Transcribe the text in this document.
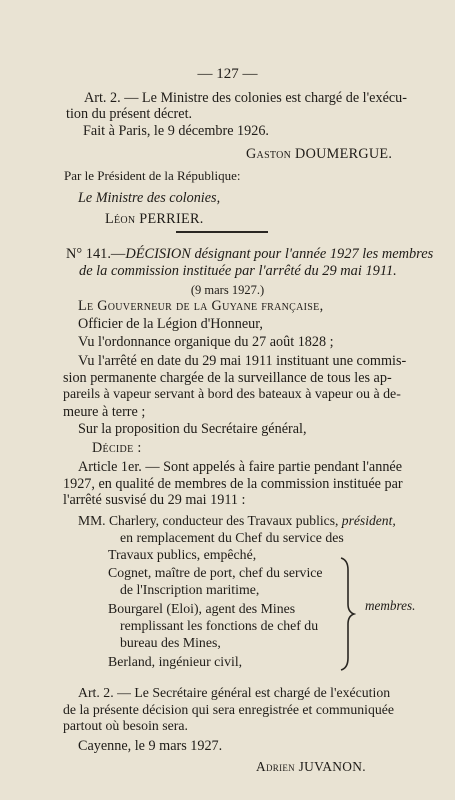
— 127 —
Art. 2. — Le Ministre des colonies est chargé de l'exécu-
tion du présent décret.
Fait à Paris, le 9 décembre 1926.
Gaston DOUMERGUE.
Par le Président de la République:
Le Ministre des colonies,
Léon PERRIER.
N° 141.—DÉCISION désignant pour l'année 1927 les membres
de la commission instituée par l'arrêté du 29 mai 1911.
(9 mars 1927.)
Le Gouverneur de la Guyane française,
Officier de la Légion d'Honneur,
Vu l'ordonnance organique du 27 août 1828 ;
Vu l'arrêté en date du 29 mai 1911 instituant une commis-
sion permanente chargée de la surveillance de tous les ap-
pareils à vapeur servant à bord des bateaux à vapeur ou à de-
meure à terre ;
Sur la proposition du Secrétaire général,
Décide :
Article 1er. — Sont appelés à faire partie pendant l'année
1927, en qualité de membres de la commission instituée par
l'arrêté susvisé du 29 mai 1911 :
MM. Charlery, conducteur des Travaux publics, président,
en remplacement du Chef du service des
Travaux publics, empêché,
Cognet, maître de port, chef du service
de l'Inscription maritime,
Bourgarel (Eloi), agent des Mines
remplissant les fonctions de chef du
bureau des Mines,
Berland, ingénieur civil,
membres.
Art. 2. — Le Secrétaire général est chargé de l'exécution
de la présente décision qui sera enregistrée et communiquée
partout où besoin sera.
Cayenne, le 9 mars 1927.
Adrien JUVANON.
